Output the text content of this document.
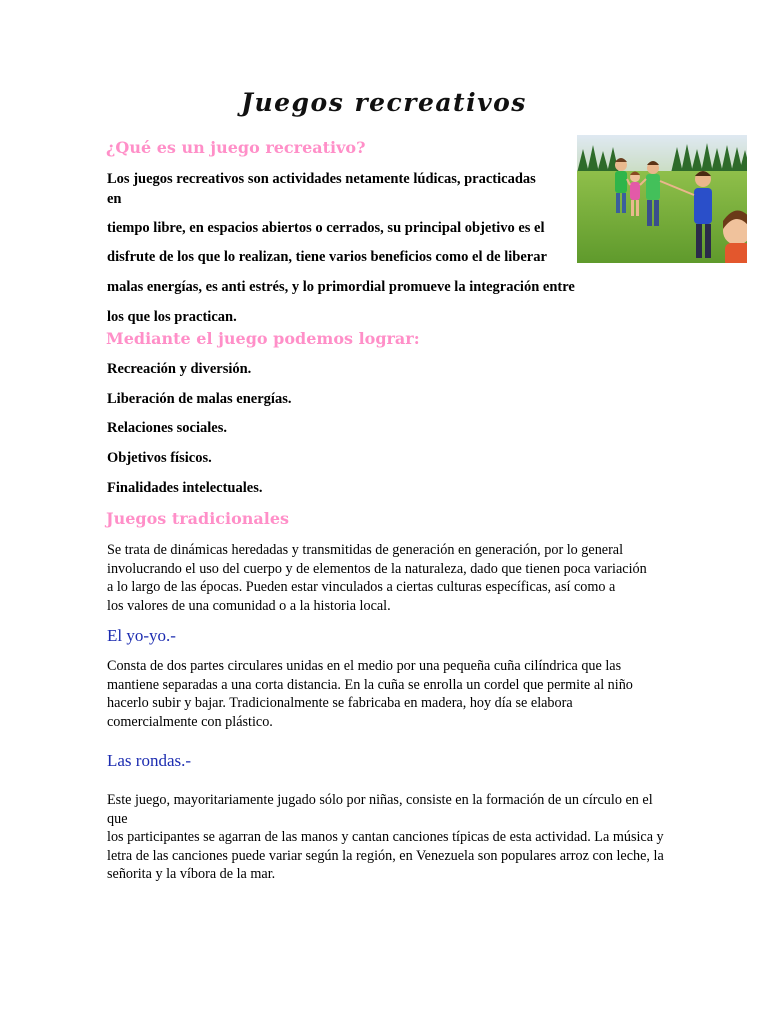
Juegos recreativos
¿Qué es un juego recreativo?

Los juegos recreativos son actividades netamente lúdicas, practicadas

en

tiempo libre, en espacios abiertos o cerrados, su principal objetivo es el

disfrute de los que lo realizan, tiene varios beneficios como el de liberar

malas energías, es anti estrés, y lo primordial promueve la integración entre

los que los practican.

Mediante el juego podemos lograr:

Recreación y diversión.

Liberación de malas energías.

Relaciones sociales.

Objetivos físicos.

Finalidades intelectuales.

Juegos tradicionales
Se trata de dinámicas heredadas y transmitidas de generación en generación, por lo general
involucrando el uso del cuerpo y de elementos de la naturaleza, dado que tienen poca variación
a lo largo de las épocas. Pueden estar vinculados a ciertas culturas específicas, así como a
los valores de una comunidad o a la historia local.
El yo-yo.-
Consta de dos partes circulares unidas en el medio por una pequeña cuña cilíndrica que las
mantiene separadas a una corta distancia. En la cuña se enrolla un cordel que permite al niño
hacerlo subir y bajar. Tradicionalmente se fabricaba en madera, hoy día se elabora
comercialmente con plástico.
Las rondas.-
Este juego, mayoritariamente jugado sólo por niñas, consiste en la formación de un círculo en el que
los participantes se agarran de las manos y cantan canciones típicas de esta actividad. La música y
letra de las canciones puede variar según la región, en Venezuela son populares arroz con leche, la
señorita y la víbora de la mar.
